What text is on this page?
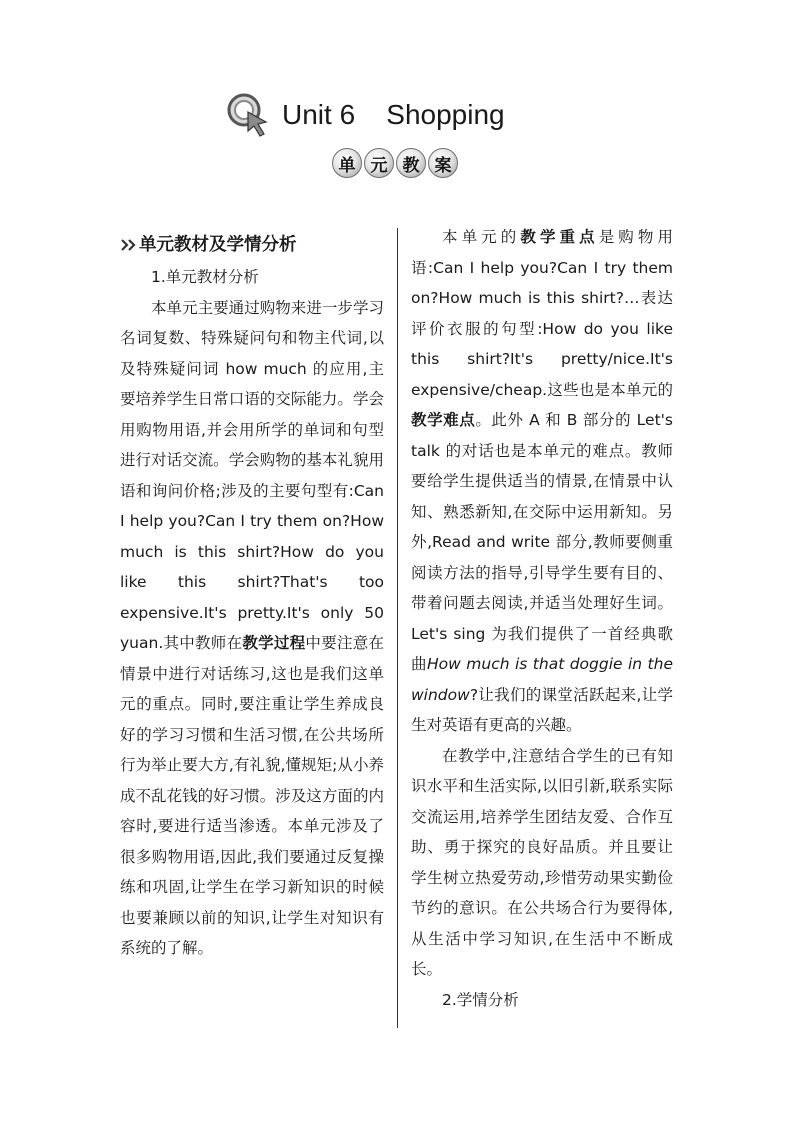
Unit 6    Shopping
单 元 教 案
单元教材及学情分析

1.单元教材分析

本单元主要通过购物来进一步学习名词复数、特殊疑问句和物主代词,以及特殊疑问词 how much 的应用,主要培养学生日常口语的交际能力。学会用购物用语,并会用所学的单词和句型进行对话交流。学会购物的基本礼貌用语和询问价格;涉及的主要句型有:Can I help you?Can I try them on?How much is this shirt?How do you like this shirt?That's too expensive.It's pretty.It's only 50 yuan.其中教师在教学过程中要注意在情景中进行对话练习,这也是我们这单元的重点。同时,要注重让学生养成良好的学习习惯和生活习惯,在公共场所行为举止要大方,有礼貌,懂规矩;从小养成不乱花钱的好习惯。涉及这方面的内容时,要进行适当渗透。本单元涉及了很多购物用语,因此,我们要通过反复操练和巩固,让学生在学习新知识的时候也要兼顾以前的知识,让学生对知识有系统的了解。

本单元的教学重点是购物用语:Can I help you?Can I try them on?How much is this shirt?…表达评价衣服的句型:How do you like this shirt?It's pretty/nice.It's expensive/cheap.这些也是本单元的教学难点。此外 A 和 B 部分的 Let's talk 的对话也是本单元的难点。教师要给学生提供适当的情景,在情景中认知、熟悉新知,在交际中运用新知。另外,Read and write 部分,教师要侧重阅读方法的指导,引导学生要有目的、带着问题去阅读,并适当处理好生词。Let's sing 为我们提供了一首经典歌曲How much is that doggie in the window?让我们的课堂活跃起来,让学生对英语有更高的兴趣。

在教学中,注意结合学生的已有知识水平和生活实际,以旧引新,联系实际交流运用,培养学生团结友爱、合作互助、勇于探究的良好品质。并且要让学生树立热爱劳动,珍惜劳动果实勤俭节约的意识。在公共场合行为要得体,从生活中学习知识,在生活中不断成长。

2.学情分析
